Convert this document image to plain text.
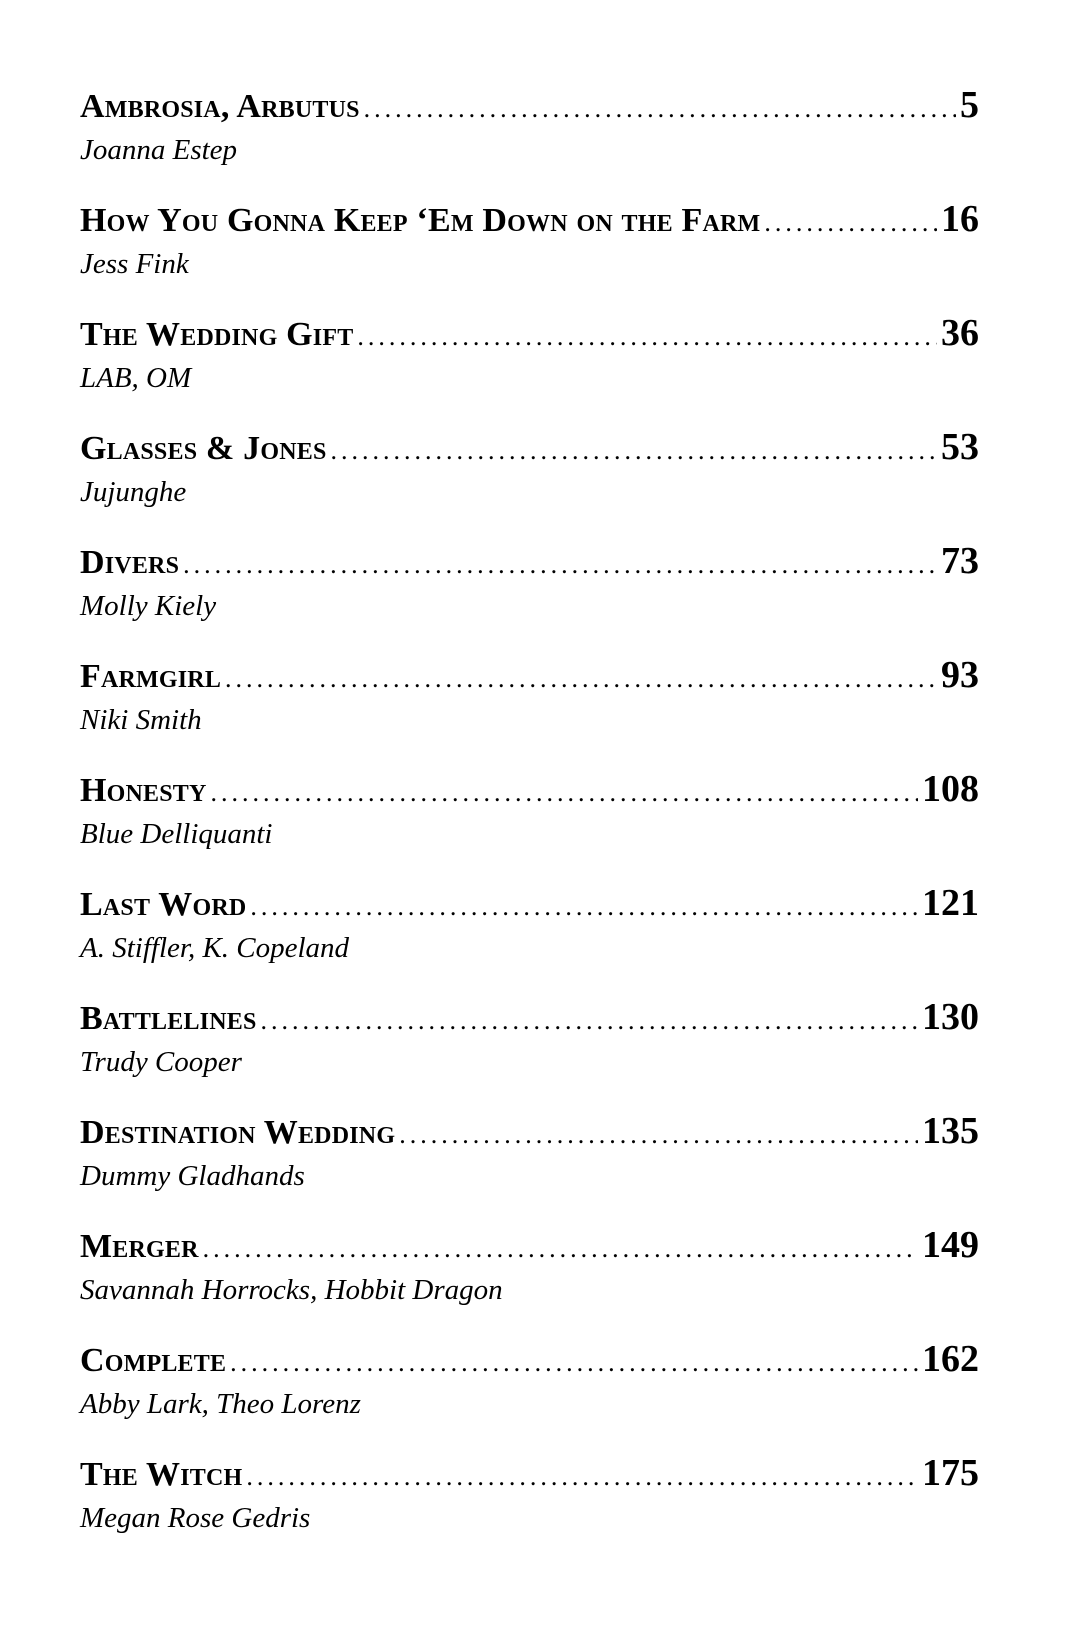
Ambrosia, Arbutus .....	5
Joanna Estep
How You Gonna Keep ‘Em Down on the Farm .....	16
Jess Fink
The Wedding Gift .....	36
LAB, OM
Glasses & Jones .....	53
Jujunghe
Divers .....	73
Molly Kiely
Farmgirl .....	93
Niki Smith
Honesty .....	108
Blue Delliquanti
Last Word .....	121
A. Stiffler, K. Copeland
Battlelines .....	130
Trudy Cooper
Destination Wedding .....	135
Dummy Gladhands
Merger .....	149
Savannah Horrocks, Hobbit Dragon
Complete .....	162
Abby Lark, Theo Lorenz
The Witch .....	175
Megan Rose Gedris
